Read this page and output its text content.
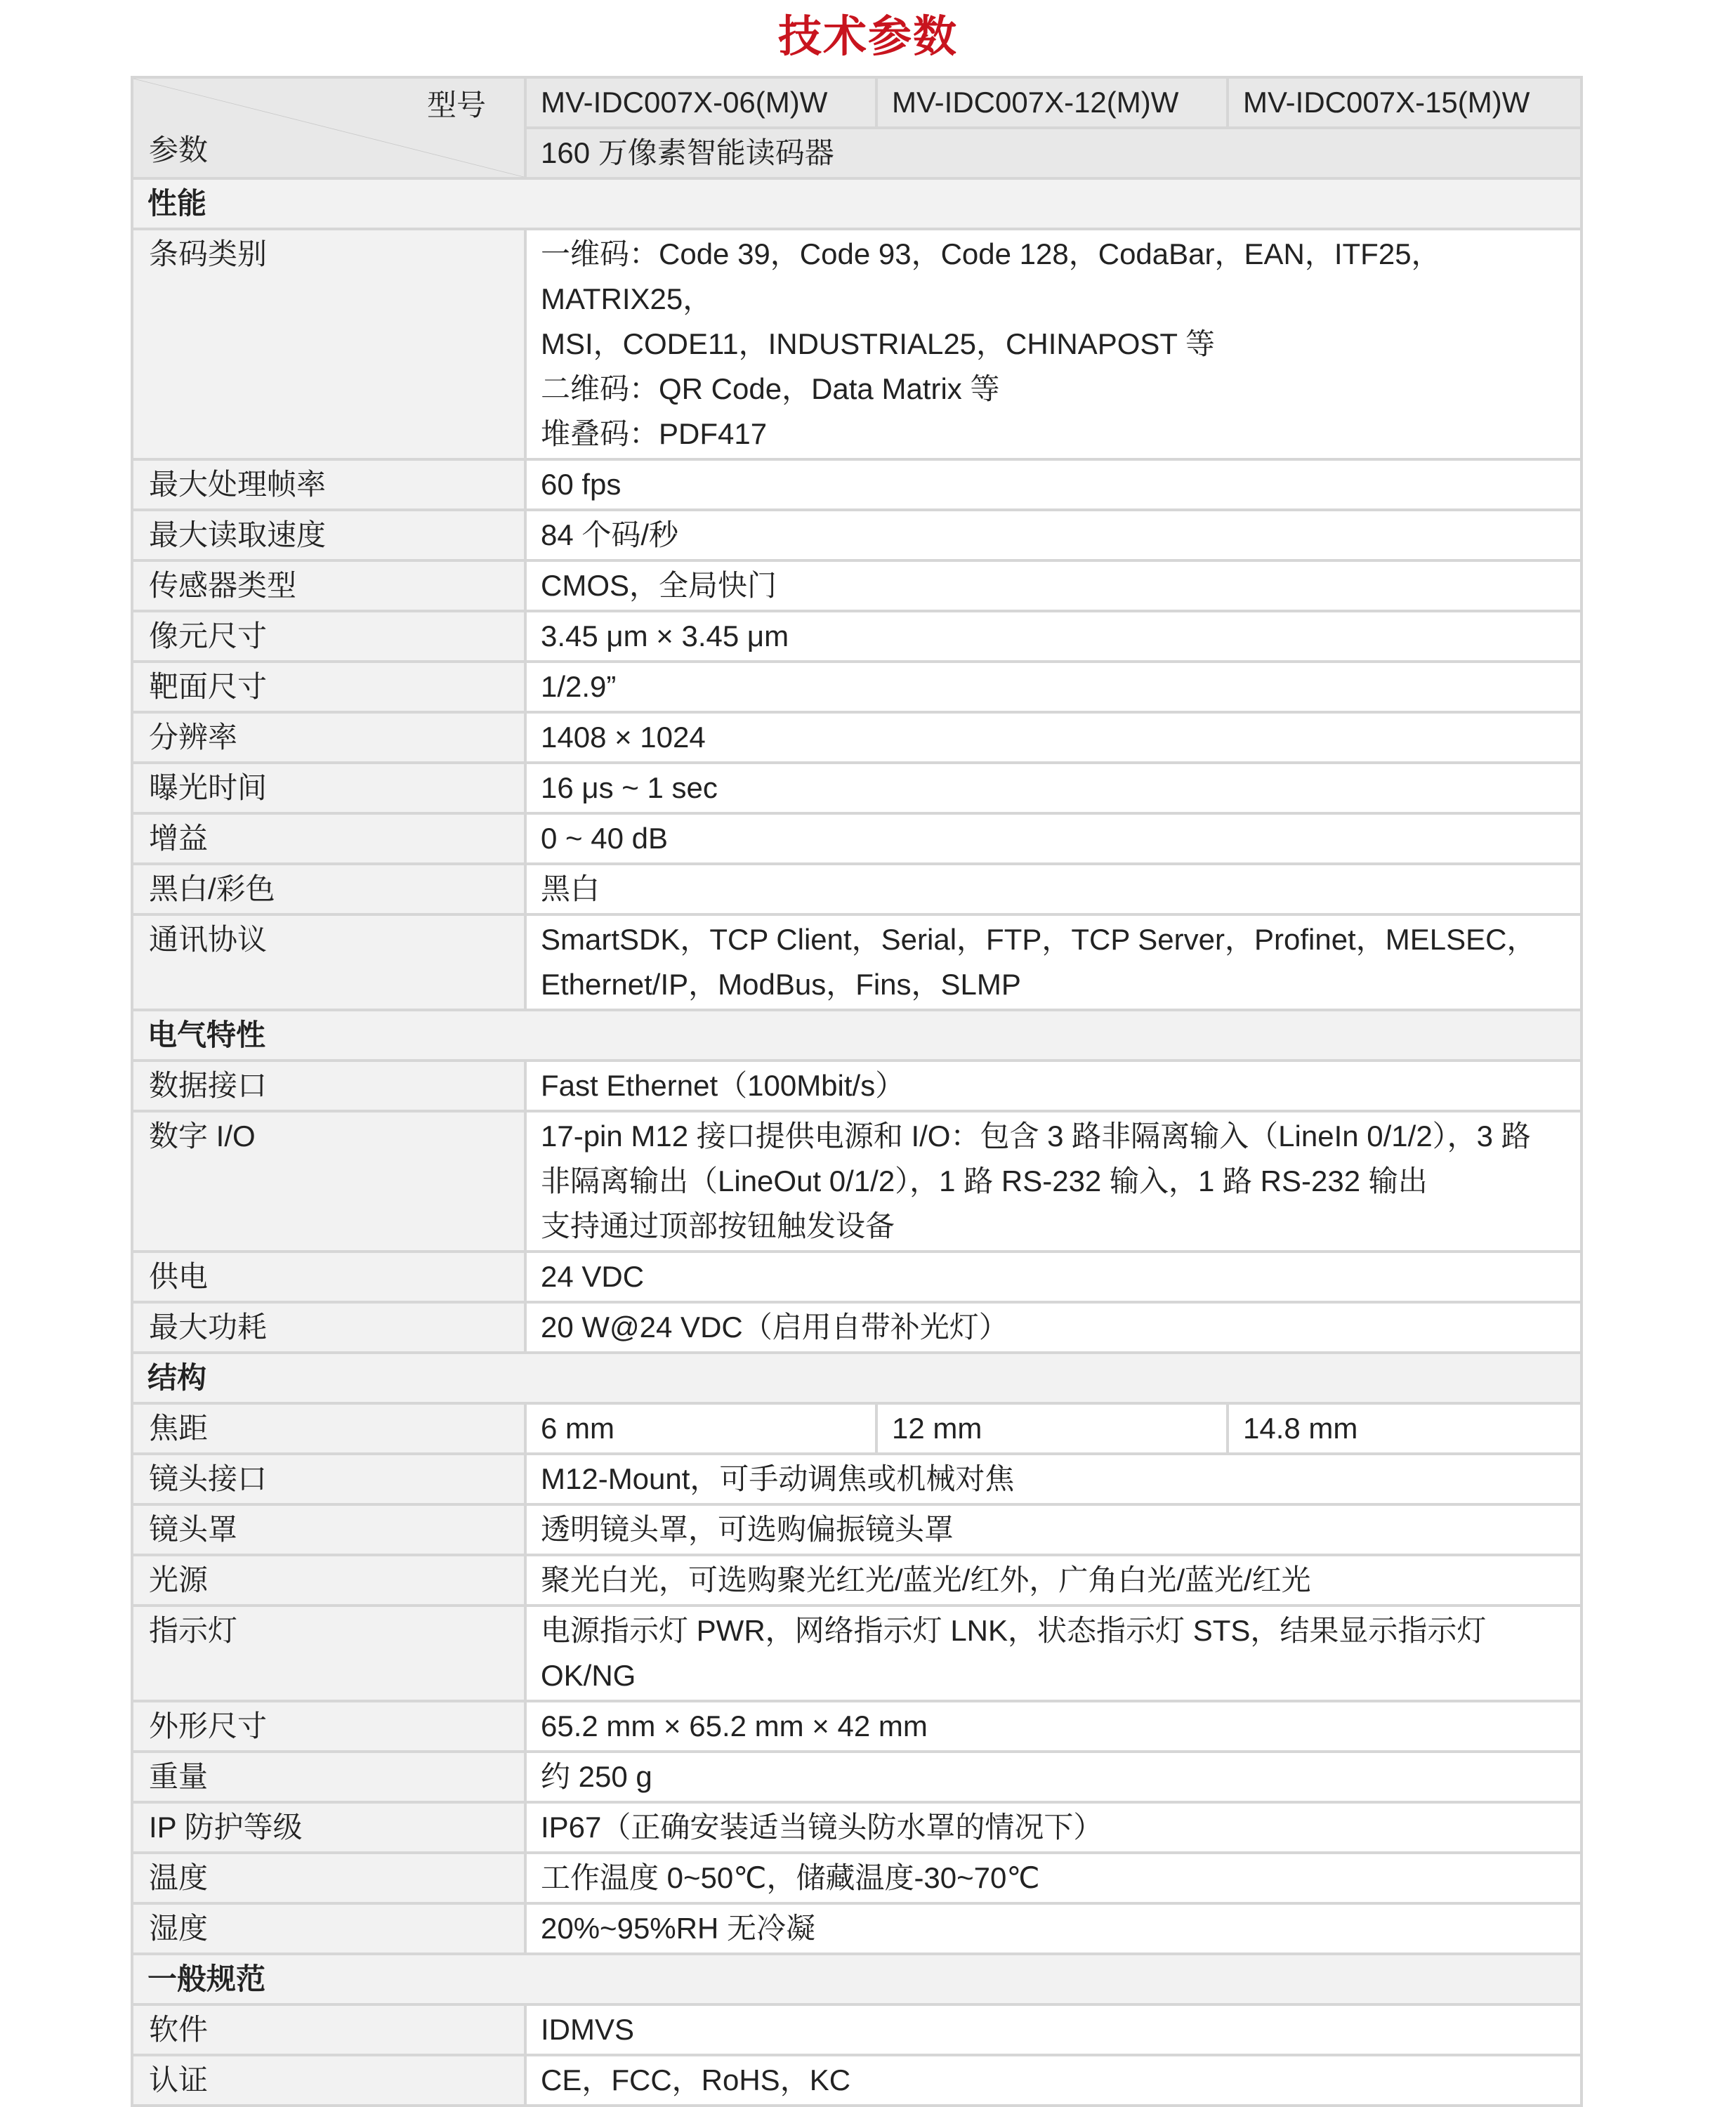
技术参数
型号
参数	MV-IDC007X-06(M)W	MV-IDC007X-12(M)W	MV-IDC007X-15(M)W
	160 万像素智能读码器		
性能			
条码类别	一维码：Code 39，Code 93，Code 128，CodaBar，EAN，ITF25，MATRIX25，
MSI，CODE11，INDUSTRIAL25，CHINAPOST 等
二维码：QR Code，Data Matrix 等
堆叠码：PDF417		

最大处理帧率	60 fps		
最大读取速度	84 个码/秒		
传感器类型	CMOS，全局快门		
像元尺寸	3.45 μm × 3.45 μm		
靶面尺寸	1/2.9”		
分辨率	1408 × 1024		
曝光时间	16 μs ~ 1 sec		
增益	0 ~ 40 dB		
黑白/彩色	黑白		
通讯协议	SmartSDK，TCP Client，Serial，FTP，TCP Server，Profinet，MELSEC，
Ethernet/IP，ModBus，Fins，SLMP		

电气特性			
数据接口	Fast Ethernet（100Mbit/s）		
数字 I/O	17-pin M12 接口提供电源和 I/O：包含 3 路非隔离输入（LineIn 0/1/2），3 路
非隔离输出（LineOut 0/1/2），1 路 RS-232 输入，1 路 RS-232 输出
支持通过顶部按钮触发设备		

供电	24 VDC		
最大功耗	20 W@24 VDC（启用自带补光灯）		
结构			
焦距	6 mm	12 mm	14.8 mm
镜头接口	M12-Mount，可手动调焦或机械对焦		
镜头罩	透明镜头罩，可选购偏振镜头罩		
光源	聚光白光，可选购聚光红光/蓝光/红外，广角白光/蓝光/红光		
指示灯	电源指示灯 PWR，网络指示灯 LNK，状态指示灯 STS，结果显示指示灯 OK/NG		
外形尺寸	65.2 mm × 65.2 mm × 42 mm		
重量	约 250 g		
IP 防护等级	IP67（正确安装适当镜头防水罩的情况下）		
温度	工作温度 0~50℃，储藏温度-30~70℃		
湿度	20%~95%RH 无冷凝		
一般规范			
软件	IDMVS		
认证	CE，FCC，RoHS，KC		
